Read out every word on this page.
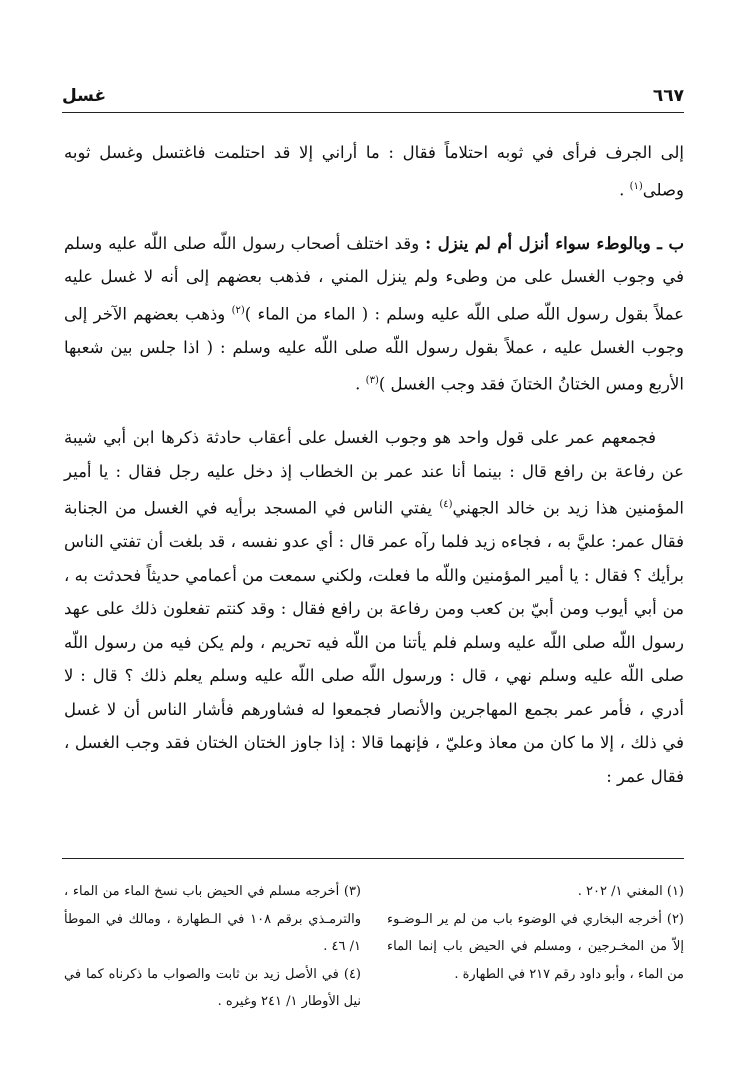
٦٦٧
غسل

إلى الجرف فرأى في ثوبه احتلاماً فقال : ما أراني إلا قد احتلمت فاغتسل وغسل ثوبه وصلى$^{(١)}$ .

ب ـ وبالوطء سواء أنزل أم لم ينزل : وقد اختلف أصحاب رسول اللّه صلى اللّه عليه وسلم في وجوب الغسل على من وطىء ولم ينزل المني ، فذهب بعضهم إلى أنه لا غسل عليه عملاً بقول رسول اللّه صلى اللّه عليه وسلم : ( الماء من الماء )$^{(٢)}$ وذهب بعضهم الآخر إلى وجوب الغسل عليه ، عملاً بقول رسول اللّه صلى اللّه عليه وسلم : ( اذا جلس بين شعبها الأربع ومس الختانُ الختانَ فقد وجب الغسل )$^{(٣)}$ .

فجمعهم عمر على قول واحد هو وجوب الغسل على أعقاب حادثة ذكرها ابن أبي شيبة عن رفاعة بن رافع قال : بينما أنا عند عمر بن الخطاب إذ دخل عليه رجل فقال : يا أمير المؤمنين هذا زيد بن خالد الجهني$^{(٤)}$ يفتي الناس في المسجد برأيه في الغسل من الجنابة فقال عمر: عليَّ به ، فجاءه زيد فلما رآه عمر قال : أي عدو نفسه ، قد بلغت أن تفتي الناس برأيك ؟ فقال : يا أمير المؤمنين واللّه ما فعلت، ولكني سمعت من أعمامي حديثاً فحدثت به ، من أبي أيوب ومن أبيّ بن كعب ومن رفاعة بن رافع فقال : وقد كنتم تفعلون ذلك على عهد رسول اللّه صلى اللّه عليه وسلم فلم يأتنا من اللّه فيه تحريم ، ولم يكن فيه من رسول اللّه صلى اللّه عليه وسلم نهي ، قال : ورسول اللّه صلى اللّه عليه وسلم يعلم ذلك ؟ قال : لا أدري ، فأمر عمر بجمع المهاجرين والأنصار فجمعوا له فشاورهم فأشار الناس أن لا غسل في ذلك ، إلا ما كان من معاذ وعليّ ، فإنهما قالا : إذا جاوز الختان الختان فقد وجب الغسل ، فقال عمر :

(١) المغني ١/ ٢٠٢ .

(٢) أخرجه البخاري في الوضوء باب من لم ير الـوضـوء إلاّ من المخـرجين ، ومسلم في الحيض باب إنما الماء من الماء ، وأبو داود رقم ٢١٧ في الطهارة .

(٣) أخرجه مسلم في الحيض باب نسخ الماء من الماء ، والترمـذي برقم ١٠٨ في الـطهارة ، ومالك في الموطأ ١/ ٤٦ .

(٤) في الأصل زيد بن ثابت والصواب ما ذكرناه كما في نيل الأوطار ١/ ٢٤١ وغيره .
